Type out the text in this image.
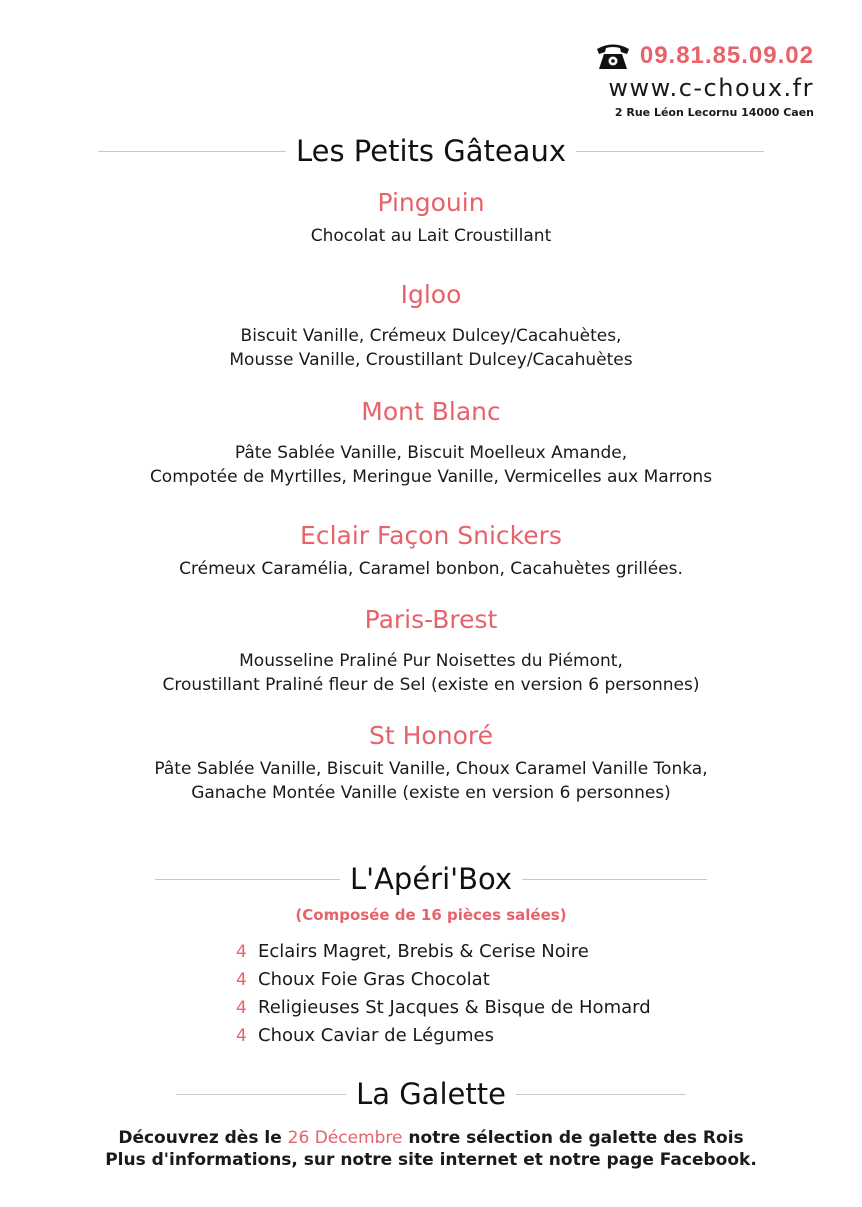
09.81.85.09.02
www.c-choux.fr
2 Rue Léon Lecornu 14000 Caen
Les Petits Gâteaux
Pingouin
Chocolat au Lait Croustillant
Igloo
Biscuit Vanille, Crémeux Dulcey/Cacahuètes,
Mousse Vanille, Croustillant Dulcey/Cacahuètes
Mont Blanc
Pâte Sablée Vanille, Biscuit Moelleux Amande,
Compotée de Myrtilles, Meringue Vanille, Vermicelles aux Marrons
Eclair Façon Snickers
Crémeux Caramélia, Caramel bonbon, Cacahuètes grillées.
Paris-Brest
Mousseline Praliné Pur Noisettes du Piémont,
Croustillant Praliné fleur de Sel (existe en version 6 personnes)
St Honoré
Pâte Sablée Vanille, Biscuit Vanille, Choux Caramel Vanille Tonka,
Ganache Montée Vanille (existe en version 6 personnes)
L'Apéri'Box
(Composée de 16 pièces salées)
4 Eclairs Magret, Brebis & Cerise Noire
4 Choux Foie Gras Chocolat
4 Religieuses St Jacques & Bisque de Homard
4 Choux Caviar de Légumes
La Galette
Découvrez dès le 26 Décembre notre sélection de galette des Rois
Plus d'informations, sur notre site internet et notre page Facebook.
